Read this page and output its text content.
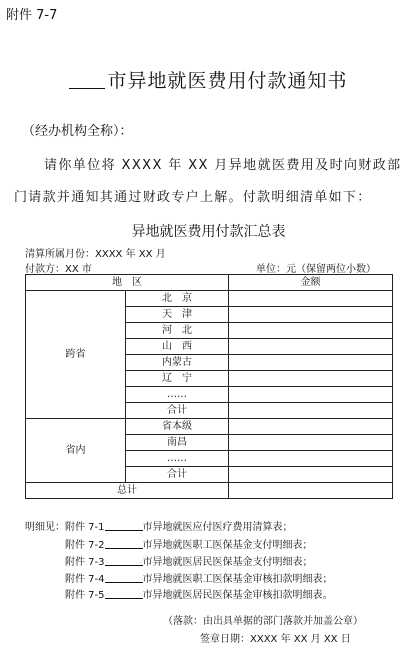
附件 7-7
市异地就医费用付款通知书
（经办机构全称）：
请你单位将 XXXX 年 XX 月异地就医费用及时向财政部
门请款并通知其通过财政专户上解。付款明细清单如下：
异地就医费用付款汇总表
清算所属月份：XXXX 年 XX 月
付款方：XX 市	单位：元（保留两位小数）
地　区		金额
跨省	北　京	
	天　津	
	河　北	
	山　西	
	内蒙古	
	辽　宁	
	……	
	合计	
省内	省本级	
	南昌	
	……	
	合计	
总计		
明细见：附件 7-1	市异地就医应付医疗费用清算表；
附件 7-2	市异地就医职工医保基金支付明细表；
附件 7-3	市异地就医居民医保基金支付明细表；
附件 7-4	市异地就医职工医保基金审核扣款明细表；
附件 7-5	市异地就医居民医保基金审核扣款明细表。
（落款：由出具单据的部门落款并加盖公章）
签章日期：XXXX 年 XX 月 XX 日
